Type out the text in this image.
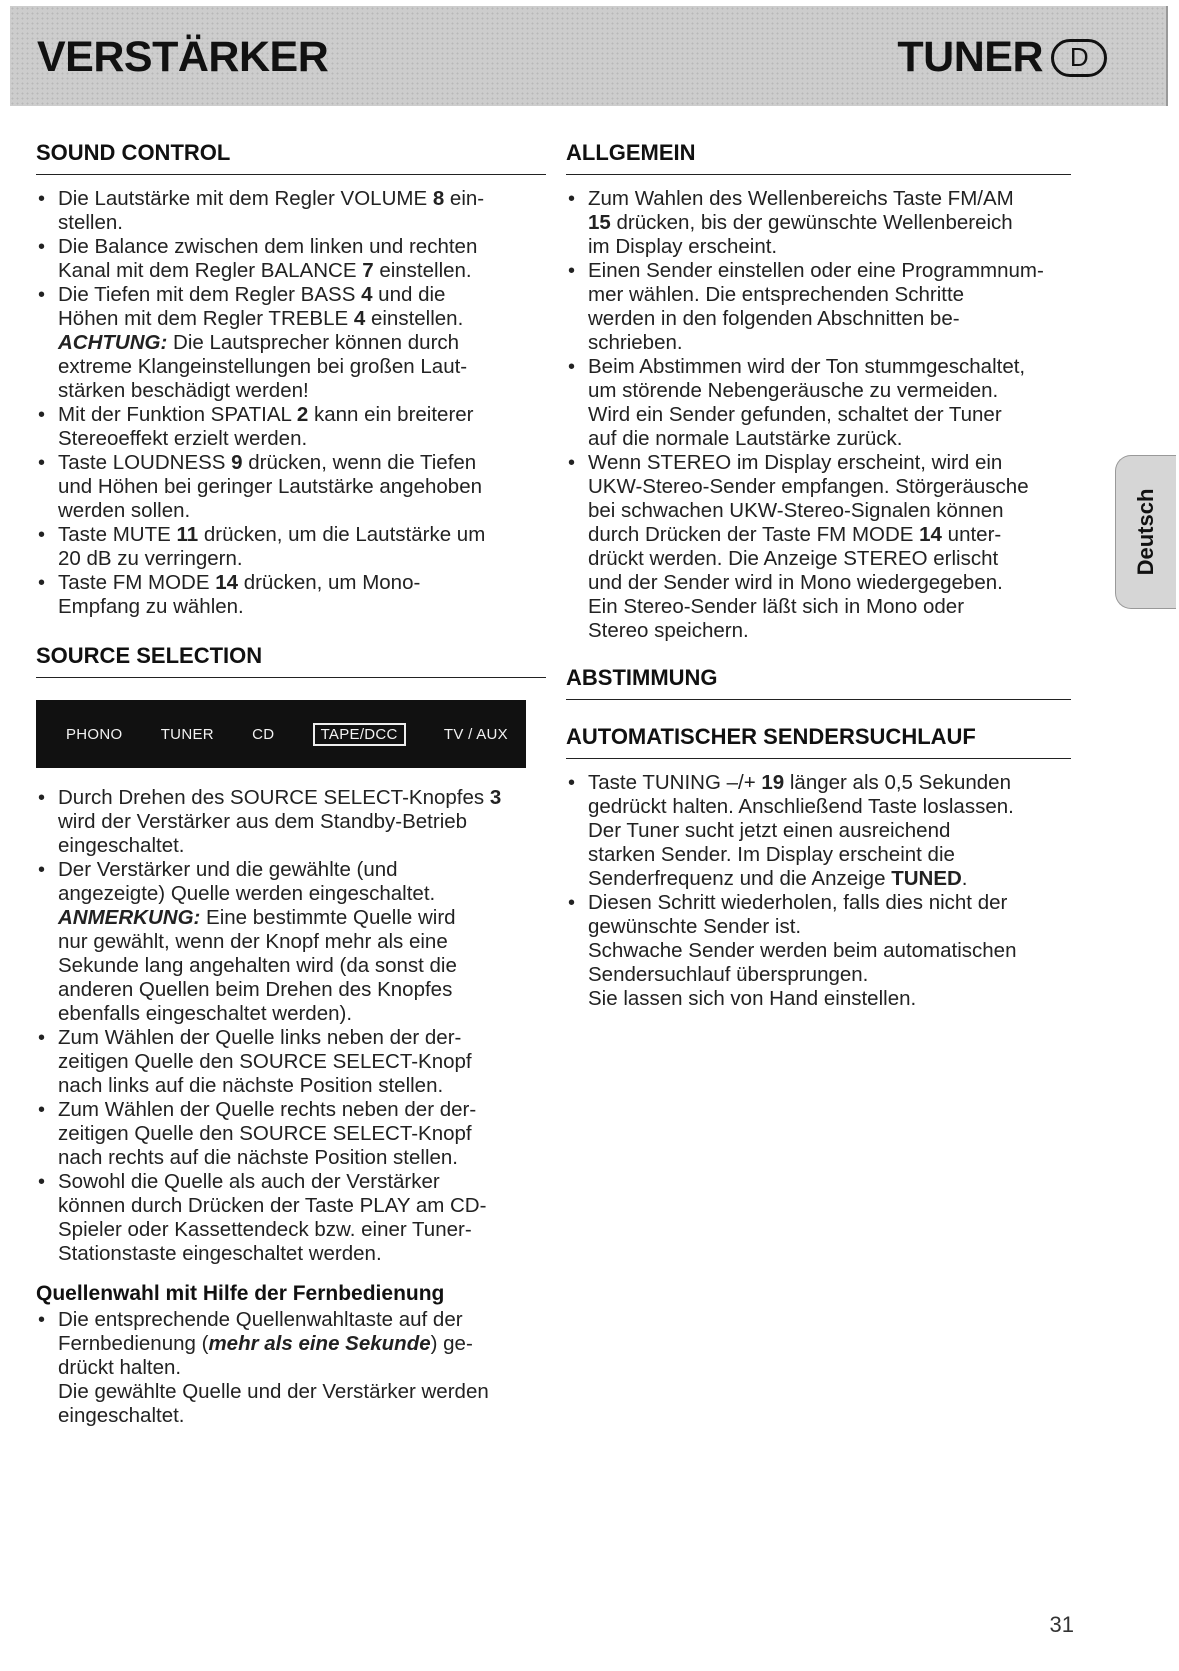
VERSTÄRKER	TUNER	D
SOUND CONTROL
• Die Lautstärke mit dem Regler VOLUME 8 ein-
stellen.
• Die Balance zwischen dem linken und rechten
Kanal mit dem Regler BALANCE 7 einstellen.
• Die Tiefen mit dem Regler BASS 4 und die
Höhen mit dem Regler TREBLE 4 einstellen.
ACHTUNG: Die Lautsprecher können durch
extreme Klangeinstellungen bei großen Laut-
stärken beschädigt werden!
• Mit der Funktion SPATIAL 2 kann ein breiterer
Stereoeffekt erzielt werden.
• Taste LOUDNESS 9 drücken, wenn die Tiefen
und Höhen bei geringer Lautstärke angehoben
werden sollen.
• Taste MUTE 11 drücken, um die Lautstärke um
20 dB zu verringern.
• Taste FM MODE 14 drücken, um Mono-
Empfang zu wählen.
SOURCE SELECTION
PHONO	TUNER	CD	TAPE/DCC	TV / AUX
• Durch Drehen des SOURCE SELECT-Knopfes 3
wird der Verstärker aus dem Standby-Betrieb
eingeschaltet.
• Der Verstärker und die gewählte (und
angezeigte) Quelle werden eingeschaltet.
ANMERKUNG: Eine bestimmte Quelle wird
nur gewählt, wenn der Knopf mehr als eine
Sekunde lang angehalten wird (da sonst die
anderen Quellen beim Drehen des Knopfes
ebenfalls eingeschaltet werden).
• Zum Wählen der Quelle links neben der der-
zeitigen Quelle den SOURCE SELECT-Knopf
nach links auf die nächste Position stellen.
• Zum Wählen der Quelle rechts neben der der-
zeitigen Quelle den SOURCE SELECT-Knopf
nach rechts auf die nächste Position stellen.
• Sowohl die Quelle als auch der Verstärker
können durch Drücken der Taste PLAY am CD-
Spieler oder Kassettendeck bzw. einer Tuner-
Stationstaste eingeschaltet werden.
Quellenwahl mit Hilfe der Fernbedienung
• Die entsprechende Quellenwahltaste auf der
Fernbedienung (mehr als eine Sekunde) ge-
drückt halten.
Die gewählte Quelle und der Verstärker werden
eingeschaltet.
ALLGEMEIN
• Zum Wahlen des Wellenbereichs Taste FM/AM
15 drücken, bis der gewünschte Wellenbereich
im Display erscheint.
• Einen Sender einstellen oder eine Programmnum-
mer wählen. Die entsprechenden Schritte
werden in den folgenden Abschnitten be-
schrieben.
• Beim Abstimmen wird der Ton stummgeschaltet,
um störende Nebengeräusche zu vermeiden.
Wird ein Sender gefunden, schaltet der Tuner
auf die normale Lautstärke zurück.
• Wenn STEREO im Display erscheint, wird ein
UKW-Stereo-Sender empfangen. Störgeräusche
bei schwachen UKW-Stereo-Signalen können
durch Drücken der Taste FM MODE 14 unter-
drückt werden. Die Anzeige STEREO erlischt
und der Sender wird in Mono wiedergegeben.
Ein Stereo-Sender läßt sich in Mono oder
Stereo speichern.
ABSTIMMUNG
AUTOMATISCHER SENDERSUCHLAUF
• Taste TUNING –/+ 19 länger als 0,5 Sekunden
gedrückt halten. Anschließend Taste loslassen.
Der Tuner sucht jetzt einen ausreichend
starken Sender. Im Display erscheint die
Senderfrequenz und die Anzeige TUNED.
• Diesen Schritt wiederholen, falls dies nicht der
gewünschte Sender ist.
Schwache Sender werden beim automatischen
Sendersuchlauf übersprungen.
Sie lassen sich von Hand einstellen.
Deutsch
31
